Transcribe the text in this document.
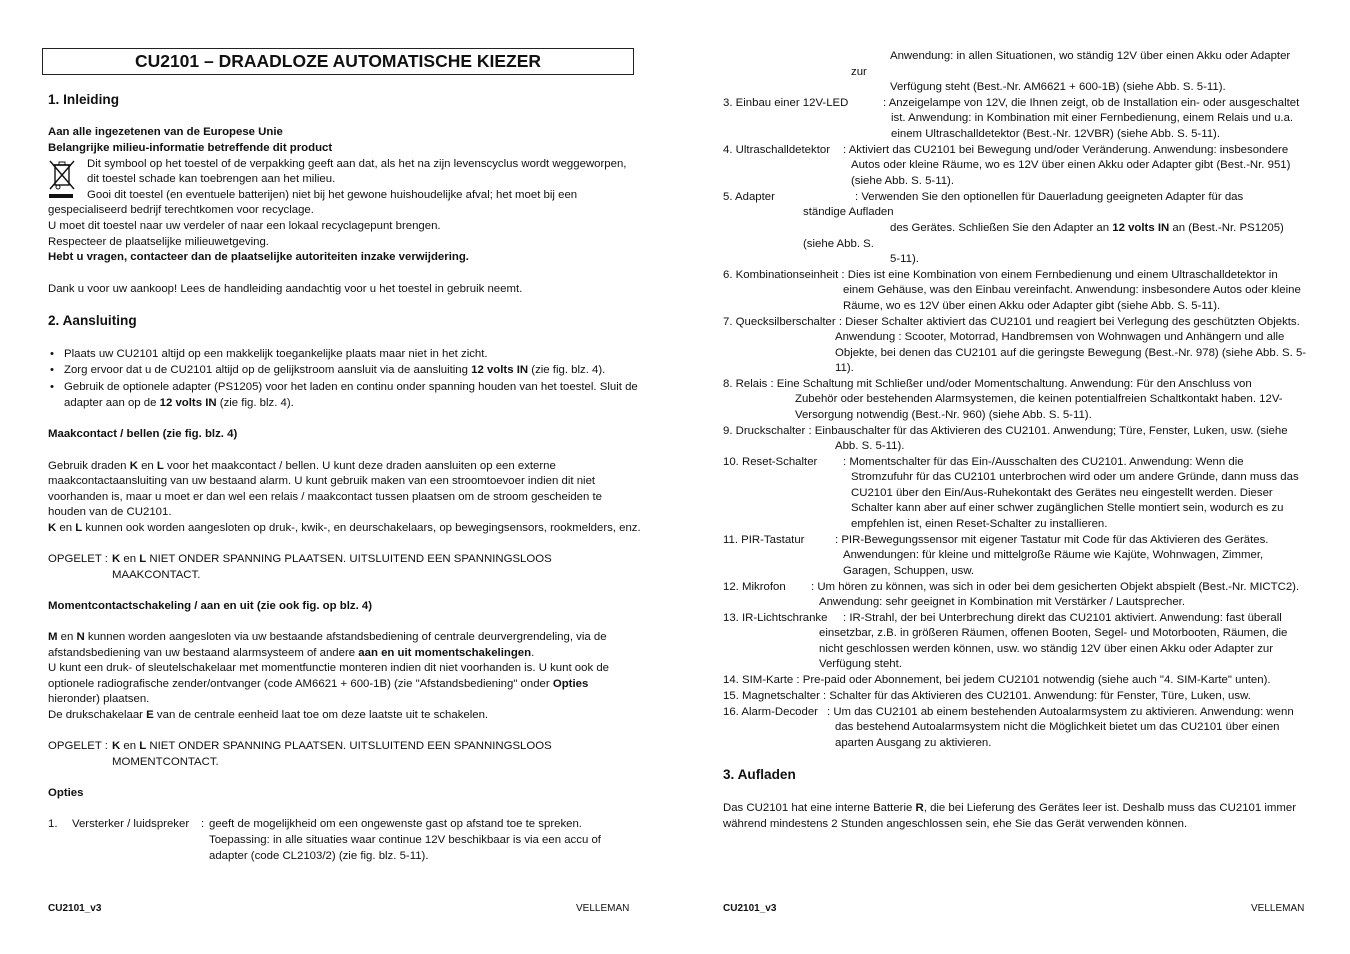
CU2101 – DRAADLOZE AUTOMATISCHE KIEZER
1. Inleiding
Aan alle ingezetenen van de Europese Unie
Belangrijke milieu-informatie betreffende dit product
Dit symbool op het toestel of de verpakking geeft aan dat, als het na zijn levenscyclus wordt weggeworpen,
dit toestel schade kan toebrengen aan het milieu.
Gooi dit toestel (en eventuele batterijen) niet bij het gewone huishoudelijke afval; het moet bij een
gespecialiseerd bedrijf terechtkomen voor recyclage.
U moet dit toestel naar uw verdeler of naar een lokaal recyclagepunt brengen.
Respecteer de plaatselijke milieuwetgeving.
Hebt u vragen, contacteer dan de plaatselijke autoriteiten inzake verwijdering.
Dank u voor uw aankoop! Lees de handleiding aandachtig voor u het toestel in gebruik neemt.
2. Aansluiting
• Plaats uw CU2101 altijd op een makkelijk toegankelijke plaats maar niet in het zicht.
• Zorg ervoor dat u de CU2101 altijd op de gelijkstroom aansluit via de aansluiting 12 volts IN (zie fig. blz. 4).
• Gebruik de optionele adapter (PS1205) voor het laden en continu onder spanning houden van het toestel. Sluit de
adapter aan op de 12 volts IN (zie fig. blz. 4).
Maakcontact / bellen (zie fig. blz. 4)
Gebruik draden K en L voor het maakcontact / bellen. U kunt deze draden aansluiten op een externe
maakcontactaansluiting van uw bestaand alarm. U kunt gebruik maken van een stroomtoevoer indien dit niet
voorhanden is, maar u moet er dan wel een relais / maakcontact tussen plaatsen om de stroom gescheiden te
houden van de CU2101.
K en L kunnen ook worden aangesloten op druk-, kwik-, en deurschakelaars, op bewegingsensors, rookmelders, enz.
OPGELET : K en L NIET ONDER SPANNING PLAATSEN. UITSLUITEND EEN SPANNINGSLOOS
MAAKCONTACT.
Momentcontactschakeling / aan en uit (zie ook fig. op blz. 4)
M en N kunnen worden aangesloten via uw bestaande afstandsbediening of centrale deurvergrendeling, via de
afstandsbediening van uw bestaand alarmsysteem of andere aan en uit momentschakelingen.
U kunt een druk- of sleutelschakelaar met momentfunctie monteren indien dit niet voorhanden is. U kunt ook de
optionele radiografische zender/ontvanger (code AM6621 + 600-1B) (zie "Afstandsbediening" onder Opties
hieronder) plaatsen.
De drukschakelaar E van de centrale eenheid laat toe om deze laatste uit te schakelen.
OPGELET : K en L NIET ONDER SPANNING PLAATSEN. UITSLUITEND EEN SPANNINGSLOOS
MOMENTCONTACT.
Opties
1. Versterker / luidspreker : geeft de mogelijkheid om een ongewenste gast op afstand toe te spreken.
Toepassing: in alle situaties waar continue 12V beschikbaar is via een accu of
adapter (code CL2103/2) (zie fig. blz. 5-11).
CU2101_v3	VELLEMAN
Anwendung: in allen Situationen, wo ständig 12V über einen Akku oder Adapter
zur
Verfügung steht (Best.-Nr. AM6621 + 600-1B) (siehe Abb. S. 5-11).
3. Einbau einer 12V-LED	: Anzeigelampe von 12V, die Ihnen zeigt, ob de Installation ein- oder ausgeschaltet
ist. Anwendung: in Kombination mit einer Fernbedienung, einem Relais und u.a.
einem Ultraschalldetektor (Best.-Nr. 12VBR) (siehe Abb. S. 5-11).
4. Ultraschalldetektor : Aktiviert das CU2101 bei Bewegung und/oder Veränderung. Anwendung: insbesondere
Autos oder kleine Räume, wo es 12V über einen Akku oder Adapter gibt (Best.-Nr. 951)
(siehe Abb. S. 5-11).
5. Adapter	: Verwenden Sie den optionellen für Dauerladung geeigneten Adapter für das
ständige Aufladen
des Gerätes. Schließen Sie den Adapter an 12 volts IN an (Best.-Nr. PS1205)
(siehe Abb. S.
5-11).
6. Kombinationseinheit : Dies ist eine Kombination von einem Fernbedienung und einem Ultraschalldetektor in
einem Gehäuse, was den Einbau vereinfacht. Anwendung: insbesondere Autos oder kleine
Räume, wo es 12V über einen Akku oder Adapter gibt (siehe Abb. S. 5-11).
7. Quecksilberschalter : Dieser Schalter aktiviert das CU2101 und reagiert bei Verlegung des geschützten Objekts.
Anwendung : Scooter, Motorrad, Handbremsen von Wohnwagen und Anhängern und alle
Objekte, bei denen das CU2101 auf die geringste Bewegung (Best.-Nr. 978) (siehe Abb. S. 5-
11).
8. Relais : Eine Schaltung mit Schließer und/oder Momentschaltung. Anwendung: Für den Anschluss von
Zubehör oder bestehenden Alarmsystemen, die keinen potentialfreien Schaltkontakt haben. 12V-
Versorgung notwendig (Best.-Nr. 960) (siehe Abb. S. 5-11).
9. Druckschalter : Einbauschalter für das Aktivieren des CU2101. Anwendung; Türe, Fenster, Luken, usw. (siehe
Abb. S. 5-11).
10. Reset-Schalter : Momentschalter für das Ein-/Ausschalten des CU2101. Anwendung: Wenn die
Stromzufuhr für das CU2101 unterbrochen wird oder um andere Gründe, dann muss das
CU2101 über den Ein/Aus-Ruhekontakt des Gerätes neu eingestellt werden. Dieser
Schalter kann aber auf einer schwer zugänglichen Stelle montiert sein, wodurch es zu
empfehlen ist, einen Reset-Schalter zu installieren.
11. PIR-Tastatur	: PIR-Bewegungssensor mit eigener Tastatur mit Code für das Aktivieren des Gerätes.
Anwendungen: für kleine und mittelgroße Räume wie Kajüte, Wohnwagen, Zimmer,
Garagen, Schuppen, usw.
12. Mikrofon : Um hören zu können, was sich in oder bei dem gesicherten Objekt abspielt (Best.-Nr. MICTC2).
Anwendung: sehr geeignet in Kombination mit Verstärker / Lautsprecher.
13. IR-Lichtschranke : IR-Strahl, der bei Unterbrechung direkt das CU2101 aktiviert. Anwendung: fast überall
einsetzbar, z.B. in größeren Räumen, offenen Booten, Segel- und Motorbooten, Räumen, die
nicht geschlossen werden können, usw. wo ständig 12V über einen Akku oder Adapter zur
Verfügung steht.
14. SIM-Karte : Pre-paid oder Abonnement, bei jedem CU2101 notwendig (siehe auch "4. SIM-Karte" unten).
15. Magnetschalter : Schalter für das Aktivieren des CU2101. Anwendung: für Fenster, Türe, Luken, usw.
16. Alarm-Decoder : Um das CU2101 ab einem bestehenden Autoalarmsystem zu aktivieren. Anwendung: wenn
das bestehend Autoalarmsystem nicht die Möglichkeit bietet um das CU2101 über einen
aparten Ausgang zu aktivieren.
3. Aufladen
Das CU2101 hat eine interne Batterie R, die bei Lieferung des Gerätes leer ist. Deshalb muss das CU2101 immer
während mindestens 2 Stunden angeschlossen sein, ehe Sie das Gerät verwenden können.
CU2101_v3	VELLEMAN
